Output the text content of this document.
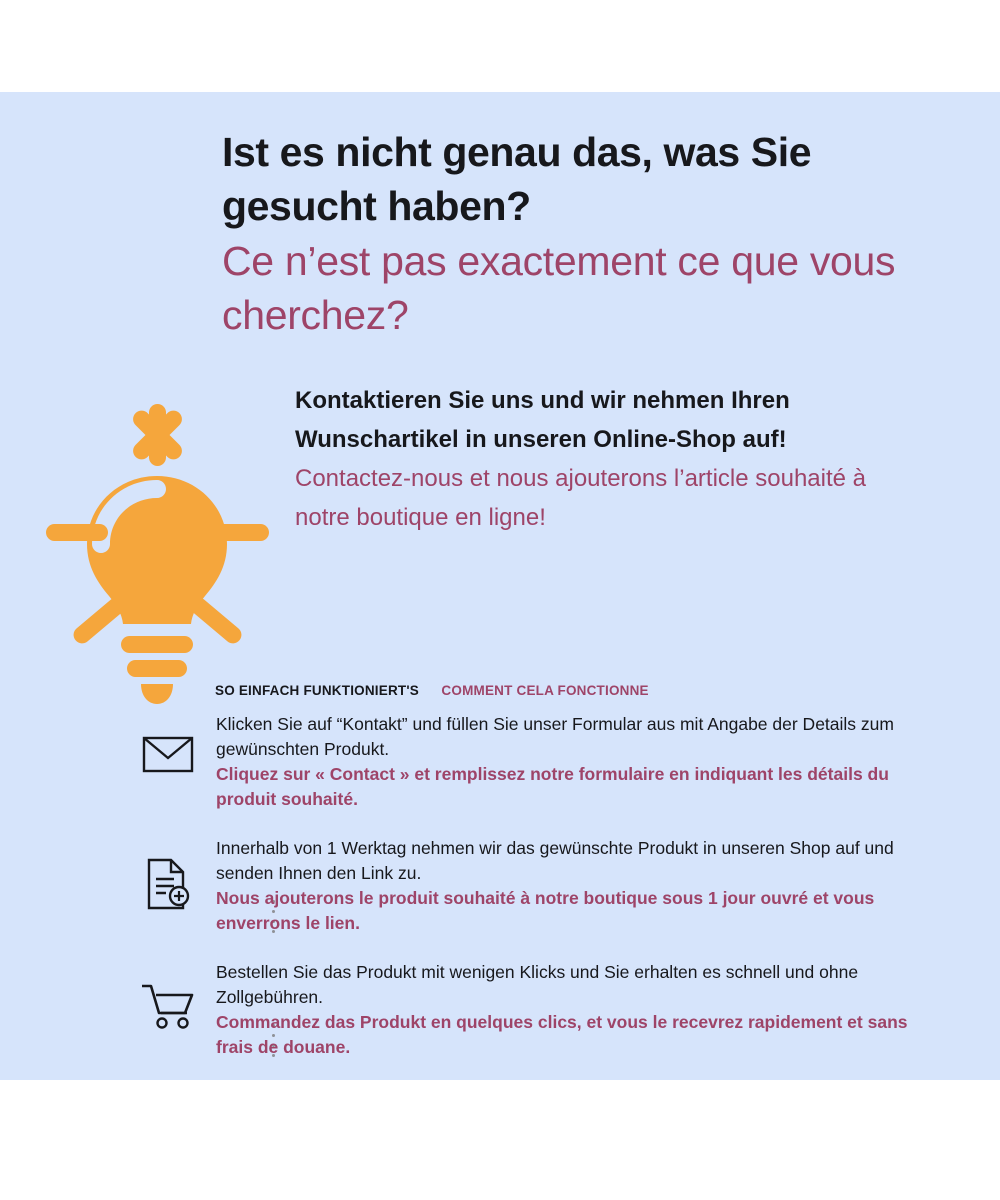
Ist es nicht genau das, was Sie gesucht haben?
Ce n’est pas exactement ce que vous cherchez?
Kontaktieren Sie uns und wir nehmen Ihren Wunschartikel in unseren Online-Shop auf!
Contactez-nous et nous ajouterons l’article souhaité à notre boutique en ligne!
SO EINFACH FUNKTIONIERT'S COMMENT CELA FONCTIONNE
Klicken Sie auf “Kontakt” und füllen Sie unser Formular aus mit Angabe der Details zum gewünschten Produkt.
Cliquez sur « Contact » et remplissez notre formulaire en indiquant les détails du produit souhaité.
Innerhalb von 1 Werktag nehmen wir das gewünschte Produkt in unseren Shop auf und senden Ihnen den Link zu.
Nous ajouterons le produit souhaité à notre boutique sous 1 jour ouvré et vous enverrons le lien.
Bestellen Sie das Produkt mit wenigen Klicks und Sie erhalten es schnell und ohne Zollgebühren.
Commandez das Produkt en quelques clics, et vous le recevrez rapidement et sans frais de douane.
